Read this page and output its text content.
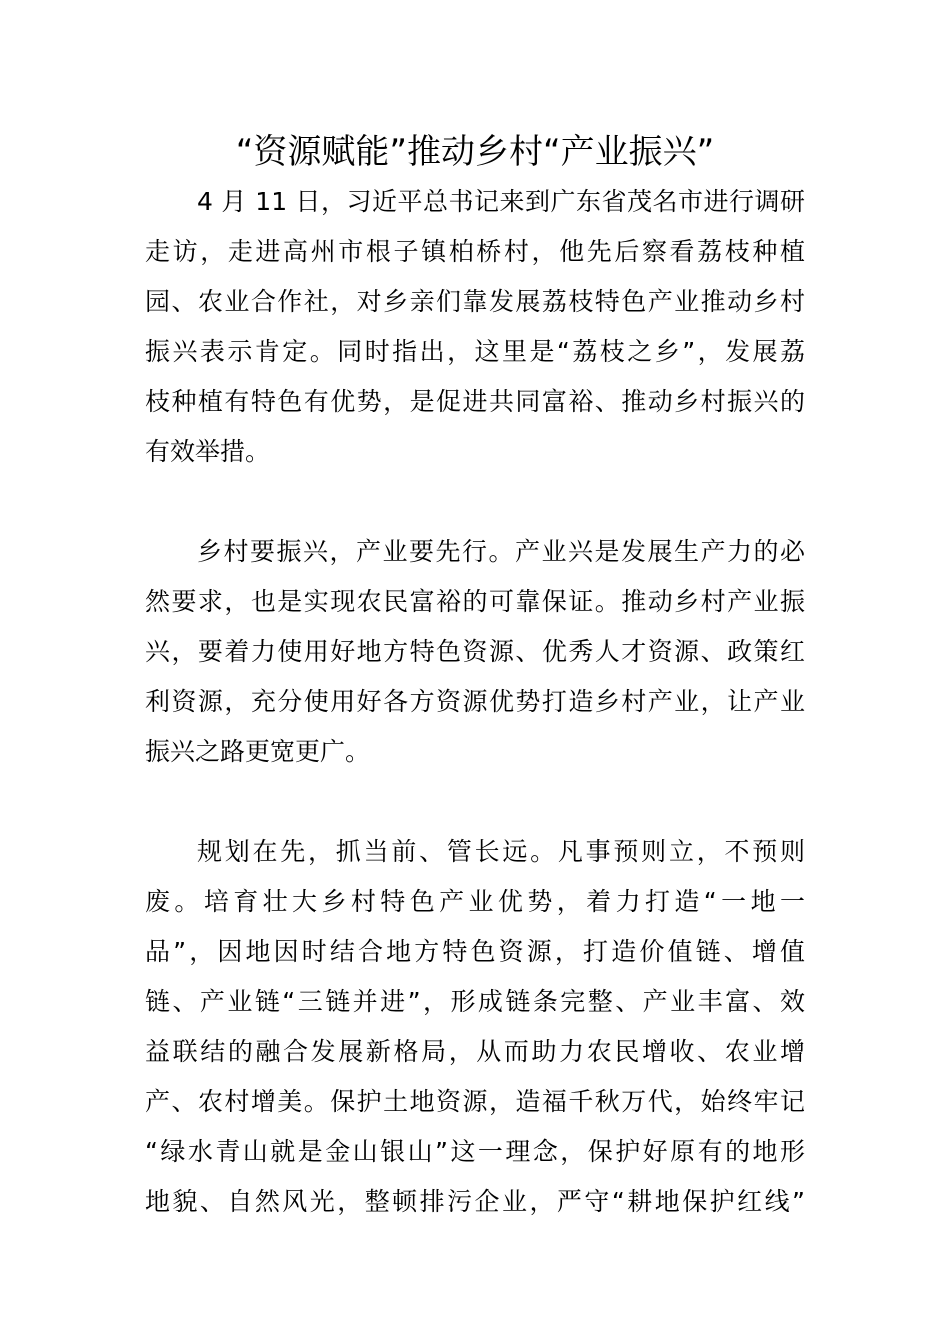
“资源赋能”推动乡村“产业振兴”
4 月 11 日，习近平总书记来到广东省茂名市进行调研
走访，走进高州市根子镇柏桥村，他先后察看荔枝种植
园、农业合作社，对乡亲们靠发展荔枝特色产业推动乡村
振兴表示肯定。同时指出，这里是“荔枝之乡”，发展荔
枝种植有特色有优势，是促进共同富裕、推动乡村振兴的
有效举措。
乡村要振兴，产业要先行。产业兴是发展生产力的必
然要求，也是实现农民富裕的可靠保证。推动乡村产业振
兴，要着力使用好地方特色资源、优秀人才资源、政策红
利资源，充分使用好各方资源优势打造乡村产业，让产业
振兴之路更宽更广。
规划在先，抓当前、管长远。凡事预则立，不预则
废。培育壮大乡村特色产业优势，着力打造“一地一
品”，因地因时结合地方特色资源，打造价值链、增值
链、产业链“三链并进”，形成链条完整、产业丰富、效
益联结的融合发展新格局，从而助力农民增收、农业增
产、农村增美。保护土地资源，造福千秋万代，始终牢记
“绿水青山就是金山银山”这一理念，保护好原有的地形
地貌、自然风光，整顿排污企业，严守“耕地保护红线”
